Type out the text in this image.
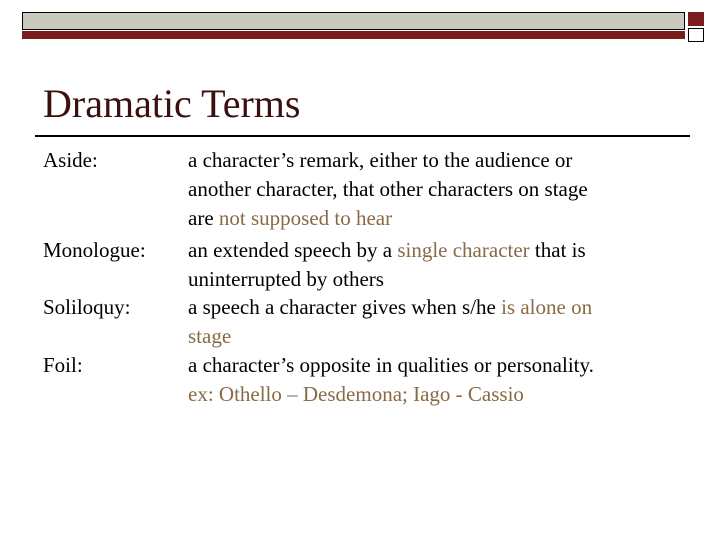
Dramatic Terms
Aside:
Monologue:
Soliloquy:
Foil:
a character’s remark, either to the audience or
another character, that other characters on stage
are not supposed to hear
an extended speech by a single character that is
uninterrupted by others
a speech a character gives when s/he is alone on
stage
a character’s opposite in qualities or personality.
ex: Othello – Desdemona; Iago - Cassio
